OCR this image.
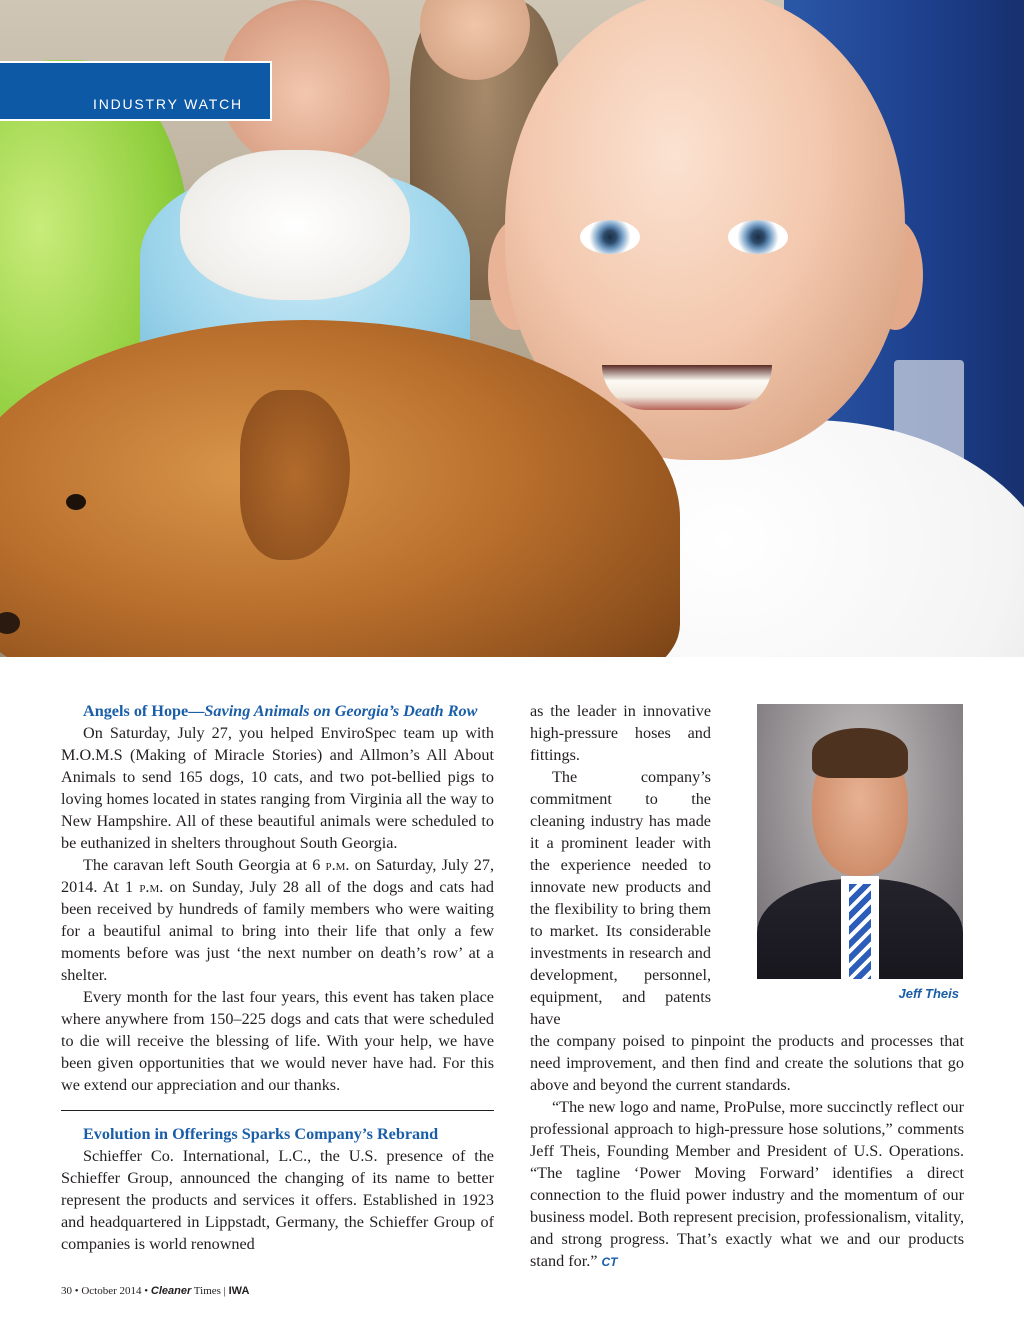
INDUSTRY WATCH

Angels of Hope—Saving Animals on Georgia’s Death Row

On Saturday, July 27, you helped EnviroSpec team up with M.O.M.S (Making of Miracle Stories) and Allmon’s All About Animals to send 165 dogs, 10 cats, and two pot-bellied pigs to loving homes located in states ranging from Virginia all the way to New Hampshire. All of these beautiful animals were scheduled to be euthanized in shelters throughout South Georgia.

The caravan left South Georgia at 6 p.m. on Saturday, July 27, 2014. At 1 p.m. on Sunday, July 28 all of the dogs and cats had been received by hundreds of family members who were waiting for a beautiful animal to bring into their life that only a few moments before was just ‘the next number on death’s row’ at a shelter.

Every month for the last four years, this event has taken place where anywhere from 150–225 dogs and cats that were scheduled to die will receive the blessing of life. With your help, we have been given opportunities that we would never have had. For this we extend our appreciation and our thanks.

Evolution in Offerings Sparks Company’s Rebrand

Schieffer Co. International, L.C., the U.S. presence of the Schieffer Group, announced the changing of its name to better represent the products and services it offers. Established in 1923 and headquartered in Lippstadt, Germany, the Schieffer Group of companies is world renowned

as the leader in innovative high-pressure hoses and fittings.

The company’s commitment to the cleaning industry has made it a prominent leader with the experience needed to innovate new products and the flexibility to bring them to market. Its considerable investments in research and development, personnel, equipment, and patents have

Jeff Theis

the company poised to pinpoint the products and processes that need improvement, and then find and create the solutions that go above and beyond the current standards.

“The new logo and name, ProPulse, more succinctly reflect our professional approach to high-pressure hose solutions,” comments Jeff Theis, Founding Member and President of U.S. Operations. “The tagline ‘Power Moving Forward’ identifies a direct connection to the fluid power industry and the momentum of our business model. Both represent precision, professionalism, vitality, and strong progress. That’s exactly what we and our products stand for.” CT

30 • October 2014 • Cleaner Times | IWA
